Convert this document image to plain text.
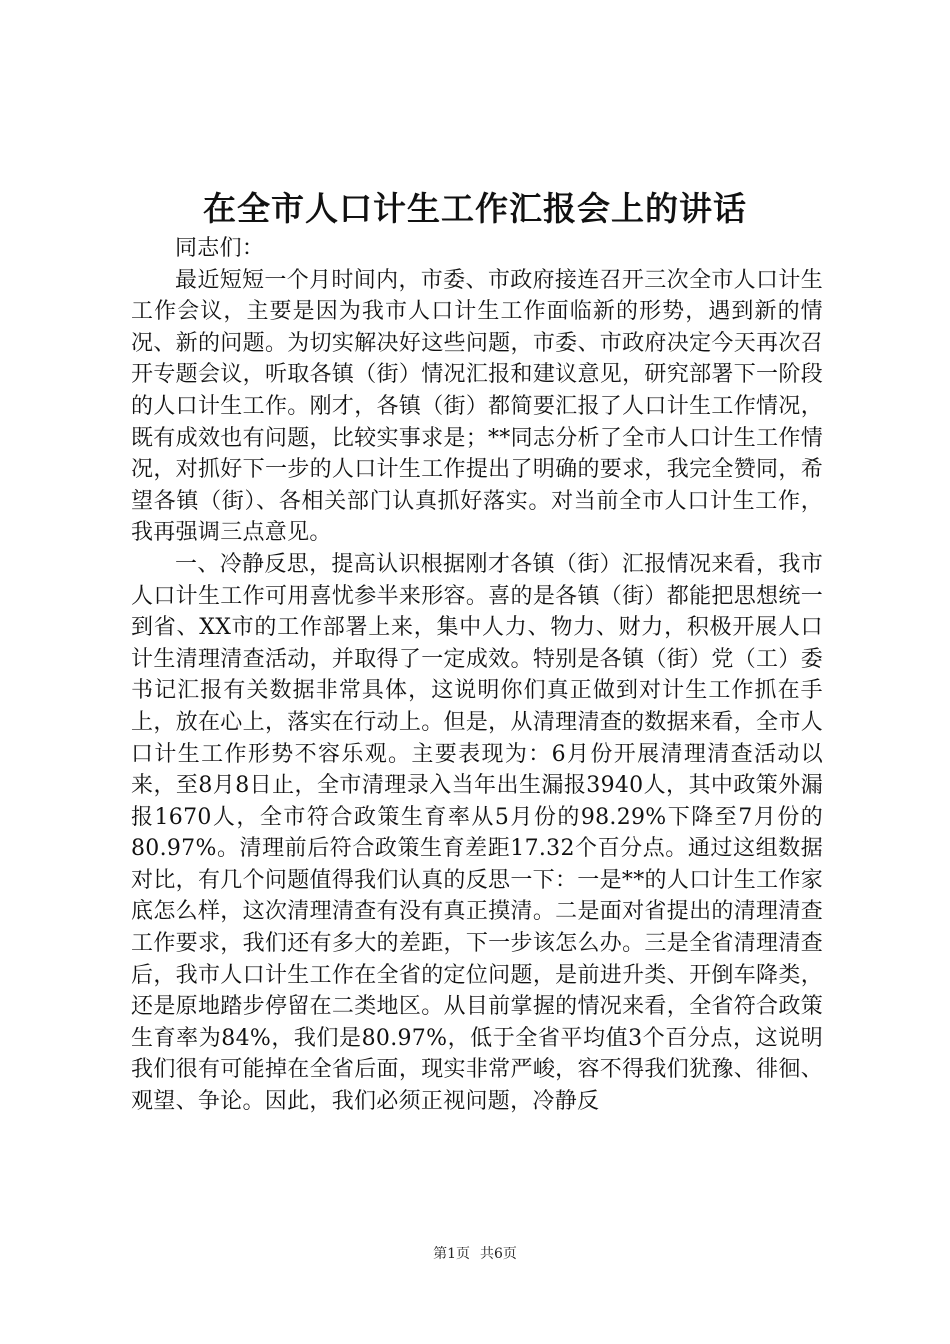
在全市人口计生工作汇报会上的讲话

同志们：

最近短短一个月时间内，市委、市政府接连召开三次全市人口计生工作会议，主要是因为我市人口计生工作面临新的形势，遇到新的情况、新的问题。为切实解决好这些问题，市委、市政府决定今天再次召开专题会议，听取各镇（街）情况汇报和建议意见，研究部署下一阶段的人口计生工作。刚才，各镇（街）都简要汇报了人口计生工作情况，既有成效也有问题，比较实事求是；**同志分析了全市人口计生工作情况，对抓好下一步的人口计生工作提出了明确的要求，我完全赞同，希望各镇（街）、各相关部门认真抓好落实。对当前全市人口计生工作，我再强调三点意见。

一、冷静反思，提高认识根据刚才各镇（街）汇报情况来看，我市人口计生工作可用喜忧参半来形容。喜的是各镇（街）都能把思想统一到省、XX市的工作部署上来，集中人力、物力、财力，积极开展人口计生清理清查活动，并取得了一定成效。特别是各镇（街）党（工）委书记汇报有关数据非常具体，这说明你们真正做到对计生工作抓在手上，放在心上，落实在行动上。但是，从清理清查的数据来看，全市人口计生工作形势不容乐观。主要表现为：6月份开展清理清查活动以来，至8月8日止，全市清理录入当年出生漏报3940人，其中政策外漏报1670人，全市符合政策生育率从5月份的98.29%下降至7月份的80.97%。清理前后符合政策生育差距17.32个百分点。通过这组数据对比，有几个问题值得我们认真的反思一下：一是**的人口计生工作家底怎么样，这次清理清查有没有真正摸清。二是面对省提出的清理清查工作要求，我们还有多大的差距，下一步该怎么办。三是全省清理清查后，我市人口计生工作在全省的定位问题，是前进升类、开倒车降类，还是原地踏步停留在二类地区。从目前掌握的情况来看，全省符合政策生育率为84%，我们是80.97%，低于全省平均值3个百分点，这说明我们很有可能掉在全省后面，现实非常严峻，容不得我们犹豫、徘徊、观望、争论。因此，我们必须正视问题，冷静反

第1页 共6页
